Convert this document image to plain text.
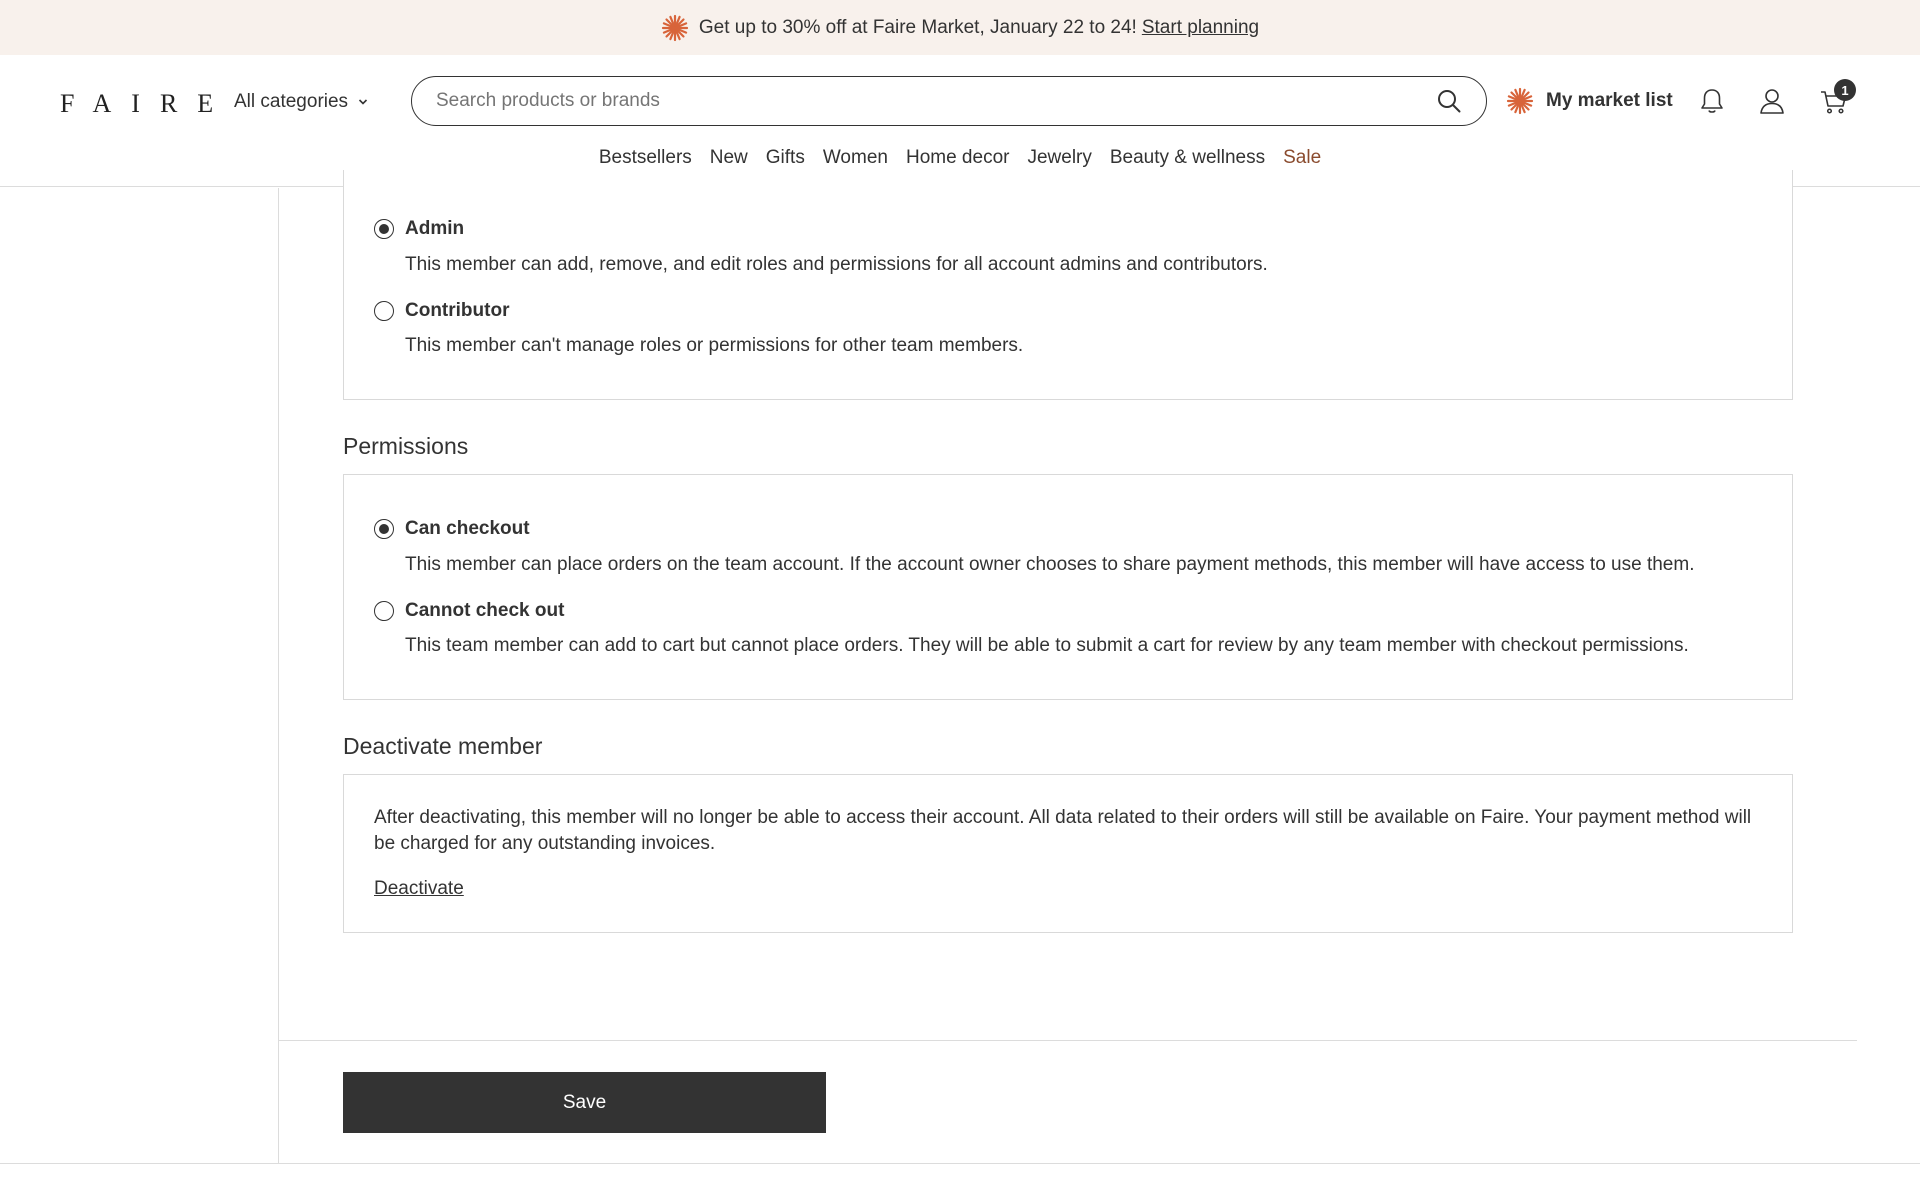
Get up to 30% off at Faire Market, January 22 to 24! Start planning
FAIRE All categories
Search products or brands	My market list	1
Bestsellers New Gifts Women Home decor Jewelry Beauty & wellness Sale
Admin
This member can add, remove, and edit roles and permissions for all account admins and contributors.
Contributor
This member can't manage roles or permissions for other team members.
Permissions
Can checkout
This member can place orders on the team account. If the account owner chooses to share payment methods, this member will have access to use them.
Cannot check out
This team member can add to cart but cannot place orders. They will be able to submit a cart for review by any team member with checkout permissions.
Deactivate member
After deactivating, this member will no longer be able to access their account. All data related to their orders will still be available on Faire. Your payment method will be charged for any outstanding invoices.
Deactivate
Save
